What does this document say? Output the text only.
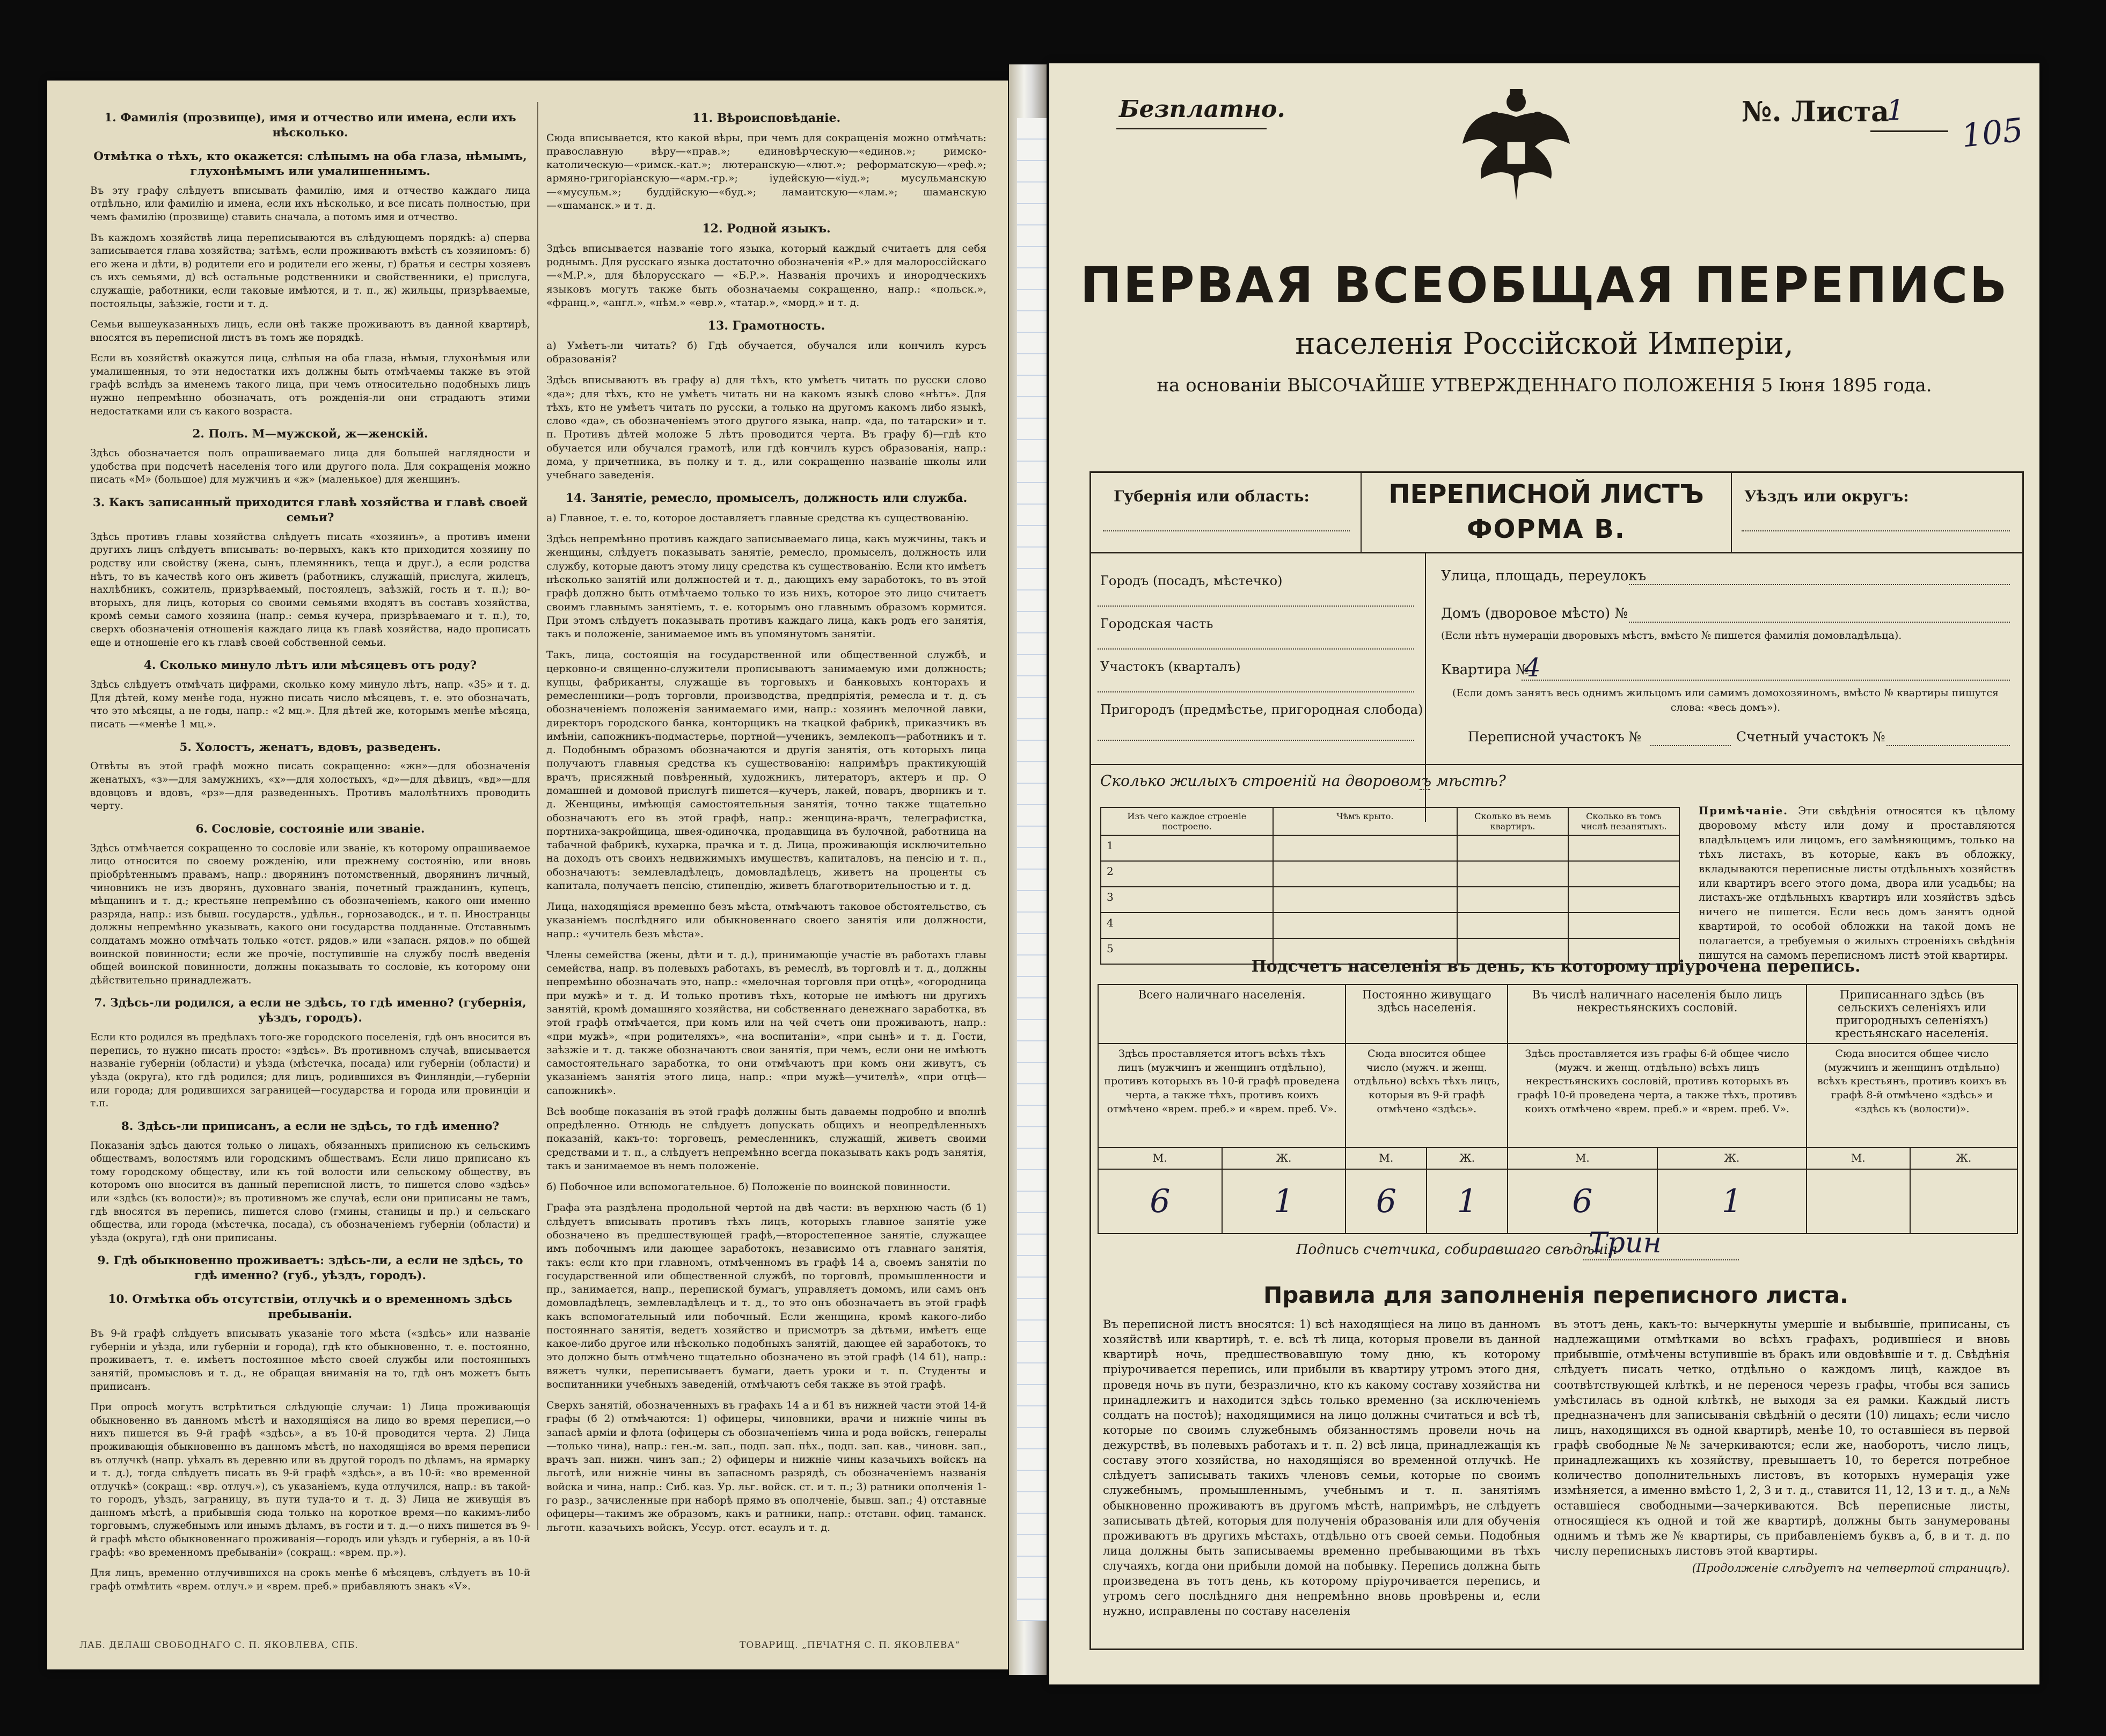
1. Фамилія (прозвище), имя и отчество или имена, если ихъ нѣсколько.
Отмѣтка о тѣхъ, кто окажется: слѣпымъ на оба глаза, нѣмымъ, глухонѣмымъ или умалишеннымъ.

Въ эту графу слѣдуетъ вписывать фамилію, имя и отчество каждаго лица отдѣльно, или фамилію и имена, если ихъ нѣсколько, и все писать полностью, при чемъ фамилію (прозвище) ставить сначала, а потомъ имя и отчество.

Въ каждомъ хозяйствѣ лица переписываются въ слѣдующемъ порядкѣ: а) сперва записывается глава хозяйства; затѣмъ, если проживаютъ вмѣстѣ съ хозяиномъ: б) его жена и дѣти, в) родители его и родители его жены, г) братья и сестры хозяевъ съ ихъ семьями, д) всѣ остальные родственники и свойственники, е) прислуга, служащіе, работники, если таковые имѣются, и т. п., ж) жильцы, призрѣваемые, постояльцы, заѣзжіе, гости и т. д.

Семьи вышеуказанныхъ лицъ, если онѣ также проживаютъ въ данной квартирѣ, вносятся въ переписной листъ въ томъ же порядкѣ.

Если въ хозяйствѣ окажутся лица, слѣпыя на оба глаза, нѣмыя, глухонѣмыя или умалишенныя, то эти недостатки ихъ должны быть отмѣчаемы также въ этой графѣ вслѣдъ за именемъ такого лица, при чемъ относительно подобныхъ лицъ нужно непремѣнно обозначать, отъ рожденія-ли они страдаютъ этими недостатками или съ какого возраста.

2. Полъ. М—мужской, ж—женскій.

Здѣсь обозначается полъ опрашиваемаго лица для большей наглядности и удобства при подсчетѣ населенія того или другого пола. Для сокращенія можно писать «М» (большое) для мужчинъ и «ж» (маленькое) для женщинъ.

3. Какъ записанный приходится главѣ хозяйства и главѣ своей семьи?

Здѣсь противъ главы хозяйства слѣдуетъ писать «хозяинъ», а противъ имени другихъ лицъ слѣдуетъ вписывать: во-первыхъ, какъ кто приходится хозяину по родству или свойству (жена, сынъ, племянникъ, теща и друг.), а если родства нѣтъ, то въ качествѣ кого онъ живетъ (работникъ, служащій, прислуга, жилецъ, нахлѣбникъ, сожитель, призрѣваемый, постоялецъ, заѣзжій, гость и т. п.); во-вторыхъ, для лицъ, которыя со своими семьями входятъ въ составъ хозяйства, кромѣ семьи самого хозяина (напр.: семья кучера, призрѣваемаго и т. п.), то, сверхъ обозначенія отношенія каждаго лица къ главѣ хозяйства, надо прописать еще и отношеніе его къ главѣ своей собственной семьи.

4. Сколько минуло лѣтъ или мѣсяцевъ отъ роду?

Здѣсь слѣдуетъ отмѣчать цифрами, сколько кому минуло лѣтъ, напр. «35» и т. д. Для дѣтей, кому менѣе года, нужно писать число мѣсяцевъ, т. е. это обозначать, что это мѣсяцы, а не годы, напр.: «2 мц.». Для дѣтей же, которымъ менѣе мѣсяца, писать —«менѣе 1 мц.».

5. Холостъ, женатъ, вдовъ, разведенъ.

Отвѣты въ этой графѣ можно писать сокращенно: «жн»—для обозначенія женатыхъ, «з»—для замужнихъ, «х»—для холостыхъ, «д»—для дѣвицъ, «вд»—для вдовцовъ и вдовъ, «рз»—для разведенныхъ. Противъ малолѣтнихъ проводить черту.

6. Сословіе, состояніе или званіе.

Здѣсь отмѣчается сокращенно то сословіе или званіе, къ которому опрашиваемое лицо относится по своему рожденію, или прежнему состоянію, или вновь пріобрѣтеннымъ правамъ, напр.: дворянинъ потомственный, дворянинъ личный, чиновникъ не изъ дворянъ, духовнаго званія, почетный гражданинъ, купецъ, мѣщанинъ и т. д.; крестьяне непремѣнно съ обозначеніемъ, какого они именно разряда, напр.: изъ бывш. государств., удѣльн., горнозаводск., и т. п. Иностранцы должны непремѣнно указывать, какого они государства подданные. Отставнымъ солдатамъ можно отмѣчать только «отст. рядов.» или «запасн. рядов.» по общей воинской повинности; если же прочіе, поступившіе на службу послѣ введенія общей воинской повинности, должны показывать то сословіе, къ которому они дѣйствительно принадлежатъ.

7. Здѣсь-ли родился, а если не здѣсь, то гдѣ именно? (губернія, уѣздъ, городъ).

Если кто родился въ предѣлахъ того-же городского поселенія, гдѣ онъ вносится въ перепись, то нужно писать просто: «здѣсь». Въ противномъ случаѣ, вписывается названіе губерніи (области) и уѣзда (мѣстечка, посада) или губерніи (области) и уѣзда (округа), кто гдѣ родился; для лицъ, родившихся въ Финляндіи,—губерніи или города; для родившихся заграницей—государства и города или провинціи и т.п.

8. Здѣсь-ли приписанъ, а если не здѣсь, то гдѣ именно?

Показанія здѣсь даются только о лицахъ, обязанныхъ приписною къ сельскимъ обществамъ, волостямъ или городскимъ обществамъ. Если лицо приписано къ тому городскому обществу, или къ той волости или сельскому обществу, въ которомъ оно вносится въ данный переписной листъ, то пишется слово «здѣсь» или «здѣсь (къ волости)»; въ противномъ же случаѣ, если они приписаны не тамъ, гдѣ вносятся въ перепись, пишется слово (гмины, станицы и пр.) и сельскаго общества, или города (мѣстечка, посада), съ обозначеніемъ губерніи (области) и уѣзда (округа), гдѣ они приписаны.

9. Гдѣ обыкновенно проживаетъ: здѣсь-ли, а если не здѣсь, то гдѣ именно? (губ., уѣздъ, городъ).
10. Отмѣтка объ отсутствіи, отлучкѣ и о временномъ здѣсь пребываніи.

Въ 9-й графѣ слѣдуетъ вписывать указаніе того мѣста («здѣсь» или названіе губерніи и уѣзда, или губерніи и города), гдѣ кто обыкновенно, т. е. постоянно, проживаетъ, т. е. имѣетъ постоянное мѣсто своей службы или постоянныхъ занятій, промысловъ и т. д., не обращая вниманія на то, гдѣ онъ можетъ быть приписанъ.

При опросѣ могутъ встрѣтиться слѣдующіе случаи: 1) Лица проживающія обыкновенно въ данномъ мѣстѣ и находящіяся на лицо во время переписи,—о нихъ пишется въ 9-й графѣ «здѣсь», а въ 10-й проводится черта. 2) Лица проживающія обыкновенно въ данномъ мѣстѣ, но находящіяся во время переписи въ отлучкѣ (напр. уѣхалъ въ деревню или въ другой городъ по дѣламъ, на ярмарку и т. д.), тогда слѣдуетъ писать въ 9-й графѣ «здѣсь», а въ 10-й: «во временной отлучкѣ» (сокращ.: «вр. отлуч.»), съ указаніемъ, куда отлучился, напр.: въ такой-то городъ, уѣздъ, заграницу, въ пути туда-то и т. д. 3) Лица не живущія въ данномъ мѣстѣ, а прибывшія сюда только на короткое время—по какимъ-либо торговымъ, служебнымъ или инымъ дѣламъ, въ гости и т. д.—о нихъ пишется въ 9-й графѣ мѣсто обыкновеннаго проживанія—городъ или уѣздъ и губернія, а въ 10-й графѣ: «во временномъ пребываніи» (сокращ.: «врем. пр.»).

Для лицъ, временно отлучившихся на срокъ менѣе 6 мѣсяцевъ, слѣдуетъ въ 10-й графѣ отмѣтить «врем. отлуч.» и «врем. преб.» прибавляютъ знакъ «V».

11. Вѣроисповѣданіе.

Сюда вписывается, кто какой вѣры, при чемъ для сокращенія можно отмѣчать: православную вѣру—«прав.»; единовѣрческую—«единов.»; римско-католическую—«римск.-кат.»; лютеранскую—«лют.»; реформатскую—«реф.»; армяно-григоріанскую—«арм.-гр.»; іудейскую—«іуд.»; мусульманскую—«мусульм.»; буддійскую—«буд.»; ламаитскую—«лам.»; шаманскую—«шаманск.» и т. д.

12. Родной языкъ.

Здѣсь вписывается названіе того языка, который каждый считаетъ для себя роднымъ. Для русскаго языка достаточно обозначенія «Р.» для малороссійскаго—«М.Р.», для бѣлорусскаго — «Б.Р.». Названія прочихъ и инородческихъ языковъ могутъ также быть обозначаемы сокращенно, напр.: «польск.», «франц.», «англ.», «нѣм.» «евр.», «татар.», «морд.» и т. д.

13. Грамотность.

а) Умѣетъ-ли читать? б) Гдѣ обучается, обучался или кончилъ курсъ образованія?

Здѣсь вписываютъ въ графу а) для тѣхъ, кто умѣетъ читать по русски слово «да»; для тѣхъ, кто не умѣетъ читать ни на какомъ языкѣ слово «нѣтъ». Для тѣхъ, кто не умѣетъ читать по русски, а только на другомъ какомъ либо языкѣ, слово «да», съ обозначеніемъ этого другого языка, напр. «да, по татарски» и т. п. Противъ дѣтей моложе 5 лѣтъ проводится черта. Въ графу б)—гдѣ кто обучается или обучался грамотѣ, или гдѣ кончилъ курсъ образованія, напр.: дома, у причетника, въ полку и т. д., или сокращенно названіе школы или учебнаго заведенія.

14. Занятіе, ремесло, промыселъ, должность или служба.

а) Главное, т. е. то, которое доставляетъ главные средства къ существованію.

Здѣсь непремѣнно противъ каждаго записываемаго лица, какъ мужчины, такъ и женщины, слѣдуетъ показывать занятіе, ремесло, промыселъ, должность или службу, которые даютъ этому лицу средства къ существованію. Если кто имѣетъ нѣсколько занятій или должностей и т. д., дающихъ ему заработокъ, то въ этой графѣ должно быть отмѣчаемо только то изъ нихъ, которое это лицо считаетъ своимъ главнымъ занятіемъ, т. е. которымъ оно главнымъ образомъ кормится. При этомъ слѣдуетъ показывать противъ каждаго лица, какъ родъ его занятія, такъ и положеніе, занимаемое имъ въ упомянутомъ занятіи.

Такъ, лица, состоящія на государственной или общественной службѣ, и церковно-и священно-служители прописываютъ занимаемую ими должность; купцы, фабриканты, служащіе въ торговыхъ и банковыхъ конторахъ и ремесленники—родъ торговли, производства, предпріятія, ремесла и т. д. съ обозначеніемъ положенія занимаемаго ими, напр.: хозяинъ мелочной лавки, директоръ городского банка, конторщикъ на ткацкой фабрикѣ, приказчикъ въ имѣніи, сапожникъ-подмастерье, портной—ученикъ, землекопъ—работникъ и т. д. Подобнымъ образомъ обозначаются и другія занятія, отъ которыхъ лица получаютъ главныя средства къ существованію: напримѣръ практикующій врачъ, присяжный повѣренный, художникъ, литераторъ, актеръ и пр. О домашней и домовой прислугѣ пишется—кучеръ, лакей, поваръ, дворникъ и т. д. Женщины, имѣющія самостоятельныя занятія, точно также тщательно обозначаютъ его въ этой графѣ, напр.: женщина-врачъ, телеграфистка, портниха-закройщица, швея-одиночка, продавщица въ булочной, работница на табачной фабрикѣ, кухарка, прачка и т. д. Лица, проживающія исключительно на доходъ отъ своихъ недвижимыхъ имуществъ, капиталовъ, на пенсію и т. п., обозначаютъ: землевладѣлецъ, домовладѣлецъ, живетъ на проценты съ капитала, получаетъ пенсію, стипендію, живетъ благотворительностью и т. д.

Лица, находящіяся временно безъ мѣста, отмѣчаютъ таковое обстоятельство, съ указаніемъ послѣдняго или обыкновеннаго своего занятія или должности, напр.: «учитель безъ мѣста».

Члены семейства (жены, дѣти и т. д.), принимающіе участіе въ работахъ главы семейства, напр. въ полевыхъ работахъ, въ ремеслѣ, въ торговлѣ и т. д., должны непремѣнно обозначать это, напр.: «мелочная торговля при отцѣ», «огородница при мужѣ» и т. д. И только противъ тѣхъ, которые не имѣютъ ни другихъ занятій, кромѣ домашняго хозяйства, ни собственнаго денежнаго заработка, въ этой графѣ отмѣчается, при комъ или на чей счетъ они проживаютъ, напр.: «при мужѣ», «при родителяхъ», «на воспитаніи», «при сынѣ» и т. д. Гости, заѣзжіе и т. д. также обозначаютъ свои занятія, при чемъ, если они не имѣютъ самостоятельнаго заработка, то они отмѣчаютъ при комъ они живутъ, съ указаніемъ занятія этого лица, напр.: «при мужѣ—учителѣ», «при отцѣ—сапожникѣ».

Всѣ вообще показанія въ этой графѣ должны быть даваемы подробно и вполнѣ опредѣленно. Отнюдь не слѣдуетъ допускать общихъ и неопредѣленныхъ показаній, какъ-то: торговецъ, ремесленникъ, служащій, живетъ своими средствами и т. п., а слѣдуетъ непремѣнно всегда показывать какъ родъ занятія, такъ и занимаемое въ немъ положеніе.

б) Побочное или вспомогательное. б) Положеніе по воинской повинности.

Графа эта раздѣлена продольной чертой на двѣ части: въ верхнюю часть (б 1) слѣдуетъ вписывать противъ тѣхъ лицъ, которыхъ главное занятіе уже обозначено въ предшествующей графѣ,—второстепенное занятіе, служащее имъ побочнымъ или дающее заработокъ, независимо отъ главнаго занятія, такъ: если кто при главномъ, отмѣченномъ въ графѣ 14 а, своемъ занятіи по государственной или общественной службѣ, по торговлѣ, промышленности и пр., занимается, напр., перепиской бумагъ, управляетъ домомъ, или самъ онъ домовладѣлецъ, землевладѣлецъ и т. д., то это онъ обозначаетъ въ этой графѣ какъ вспомогательный или побочный. Если женщина, кромѣ какого-либо постояннаго занятія, ведетъ хозяйство и присмотръ за дѣтьми, имѣетъ еще какое-либо другое или нѣсколько подобныхъ занятій, дающее ей заработокъ, то это должно быть отмѣчено тщательно обозначено въ этой графѣ (14 б1), напр.: вяжетъ чулки, переписываетъ бумаги, даетъ уроки и т. п. Студенты и воспитанники учебныхъ заведеній, отмѣчаютъ себя также въ этой графѣ.

Сверхъ занятій, обозначенныхъ въ графахъ 14 а и б1 въ нижней части этой 14-й графы (б 2) отмѣчаются: 1) офицеры, чиновники, врачи и нижніе чины въ запасѣ арміи и флота (офицеры съ обозначеніемъ чина и рода войскъ, генералы—только чина), напр.: ген.-м. зап., подп. зап. пѣх., подп. зап. кав., чиновн. зап., врачъ зап. нижн. чинъ зап.; 2) офицеры и нижніе чины казачьихъ войскъ на льготѣ, или нижніе чины въ запасномъ разрядѣ, съ обозначеніемъ названія войска и чина, напр.: Сиб. каз. Ур. льг. войск. ст. и т. п.; 3) ратники ополченія 1-го разр., зачисленные при наборѣ прямо въ ополченіе, бывш. зап.; 4) отставные офицеры—такимъ же образомъ, какъ и ратники, напр.: отставн. офиц. таманск. льготн. казачьихъ войскъ, Уссур. отст. есаулъ и т. д.

ЛАБ. ДЕЛАШ СВОБОДНАГО С. П. ЯКОВЛЕВА, СПБ.	ТОВАРИЩ. „ПЕЧАТНЯ С. П. ЯКОВЛЕВА“
Безплатно.	№. Листа
1
105
ПЕРВАЯ ВСЕОБЩАЯ ПЕРЕПИСЬ
населенія Россійской Имперіи,
на основаніи ВЫСОЧАЙШЕ УТВЕРЖДЕННАГО ПОЛОЖЕНІЯ 5 Іюня 1895 года.
Губернія или область:	ПЕРЕПИСНОЙ ЛИСТЪ
ФОРМА В.
Уѣздъ или округъ:
Городъ (посадъ, мѣстечко)
Городская часть
Участокъ (кварталъ)
Пригородъ (предмѣстье, пригородная слобода)
Улица, площадь, переулокъ
Домъ (дворовое мѣсто) №
(Если нѣтъ нумераціи дворовыхъ мѣстъ, вмѣсто № пишется фамилія домовладѣльца).
Квартира №
4
(Если домъ занятъ весь однимъ жильцомъ или самимъ домохозяиномъ, вмѣсто № квартиры пишутся слова: «весь домъ»).
Переписной участокъ №	Счетный участокъ №
Сколько жилыхъ строеній на дворовомъ мѣстѣ?
Изъ чего каждое строеніе построено.	Чѣмъ крыто.	Сколько въ немъ квартиръ.	Сколько въ томъ числѣ незанятыхъ.
1			
2			
3			
4			
5			
Примѣчаніе. Эти свѣдѣнія относятся къ цѣлому дворовому мѣсту или дому и проставляются владѣльцемъ или лицомъ, его замѣняющимъ, только на тѣхъ листахъ, въ которые, какъ въ обложку, вкладываются переписные листы отдѣльныхъ хозяйствъ или квартиръ всего этого дома, двора или усадьбы; на листахъ-же отдѣльныхъ квартиръ или хозяйствъ здѣсь ничего не пишется. Если весь домъ занятъ одной квартирой, то особой обложки на такой домъ не полагается, а требуемыя о жилыхъ строеніяхъ свѣдѣнія пишутся на самомъ переписномъ листѣ этой квартиры.
Подсчетъ населенія въ день, къ которому пріурочена перепись.
Всего наличнаго населенія.		Постоянно живущаго здѣсь населенія.		Въ числѣ наличнаго населенія было лицъ некрестьянскихъ сословій.		Приписаннаго здѣсь (въ сельскихъ селеніяхъ или пригородныхъ селеніяхъ) крестьянскаго населенія.	
Здѣсь проставляется итогъ всѣхъ тѣхъ лицъ (мужчинъ и женщинъ отдѣльно), противъ которыхъ въ 10-й графѣ проведена черта, а также тѣхъ, противъ коихъ отмѣчено «врем. преб.» и «врем. преб. V».		Сюда вносится общее число (мужч. и женщ. отдѣльно) всѣхъ тѣхъ лицъ, которыя въ 9-й графѣ отмѣчено «здѣсь».		Здѣсь проставляется изъ графы 6-й общее число (мужч. и женщ. отдѣльно) всѣхъ лицъ некрестьянскихъ сословій, противъ которыхъ въ графѣ 10-й проведена черта, а также тѣхъ, противъ коихъ отмѣчено «врем. преб.» и «врем. преб. V».		Сюда вносится общее число (мужчинъ и женщинъ отдѣльно) всѣхъ крестьянъ, противъ коихъ въ графѣ 8-й отмѣчено «здѣсь» и «здѣсь къ (волости)».	
М.	Ж.	М.	Ж.	М.	Ж.	М.	Ж.
6	1	6	1	6	1		
Подпись счетчика, собиравшаго свѣдѣнія
Трин
Правила для заполненія переписного листа.

Въ переписной листъ вносятся: 1) всѣ находящіеся на лицо въ данномъ хозяйствѣ или квартирѣ, т. е. всѣ тѣ лица, которыя провели въ данной квартирѣ ночь, предшествовавшую тому дню, къ которому пріурочивается перепись, или прибыли въ квартиру утромъ этого дня, проведя ночь въ пути, безразлично, кто къ какому составу хозяйства ни принадлежитъ и находится здѣсь только временно (за исключеніемъ солдатъ на постоѣ); находящимися на лицо должны считаться и всѣ тѣ, которые по своимъ служебнымъ обязанностямъ провели ночь на дежурствѣ, въ полевыхъ работахъ и т. п. 2) всѣ лица, принадлежащія къ составу этого хозяйства, но находящіяся во временной отлучкѣ. Не слѣдуетъ записывать такихъ членовъ семьи, которые по своимъ служебнымъ, промышленнымъ, учебнымъ и т. п. занятіямъ обыкновенно проживаютъ въ другомъ мѣстѣ, напримѣръ, не слѣдуетъ записывать дѣтей, которыя для полученія образованія или для обученія проживаютъ въ другихъ мѣстахъ, отдѣльно отъ своей семьи. Подобныя лица должны быть записываемы временно пребывающими въ тѣхъ случаяхъ, когда они прибыли домой на побывку. Перепись должна быть произведена въ тотъ день, къ которому пріурочивается перепись, и утромъ сего послѣдняго дня непремѣнно вновь провѣрены и, если нужно, исправлены по составу населенія

въ этотъ день, какъ-то: вычеркнуты умершіе и выбывшіе, приписаны, съ надлежащими отмѣтками во всѣхъ графахъ, родившіеся и вновь прибывшіе, отмѣчены вступившіе въ бракъ или овдовѣвшіе и т. д. Свѣдѣнія слѣдуетъ писать четко, отдѣльно о каждомъ лицѣ, каждое въ соотвѣтствующей клѣткѣ, и не перенося черезъ графы, чтобы вся запись умѣстилась въ одной клѣткѣ, не выходя за ея рамки. Каждый листъ предназначенъ для записыванія свѣдѣній о десяти (10) лицахъ; если число лицъ, находящихся въ одной квартирѣ, менѣе 10, то оставшіеся въ первой графѣ свободные №№ зачеркиваются; если же, наоборотъ, число лицъ, принадлежащихъ къ хозяйству, превышаетъ 10, то берется потребное количество дополнительныхъ листовъ, въ которыхъ нумерація уже измѣняется, а именно вмѣсто 1, 2, 3 и т. д., ставится 11, 12, 13 и т. д., а №№ оставшіеся свободными—зачеркиваются. Всѣ переписные листы, относящіеся къ одной и той же квартирѣ, должны быть занумерованы однимъ и тѣмъ же № квартиры, съ прибавленіемъ буквъ а, б, в и т. д. по числу переписныхъ листовъ этой квартиры.

(Продолженіе слѣдуетъ на четвертой страницѣ).
